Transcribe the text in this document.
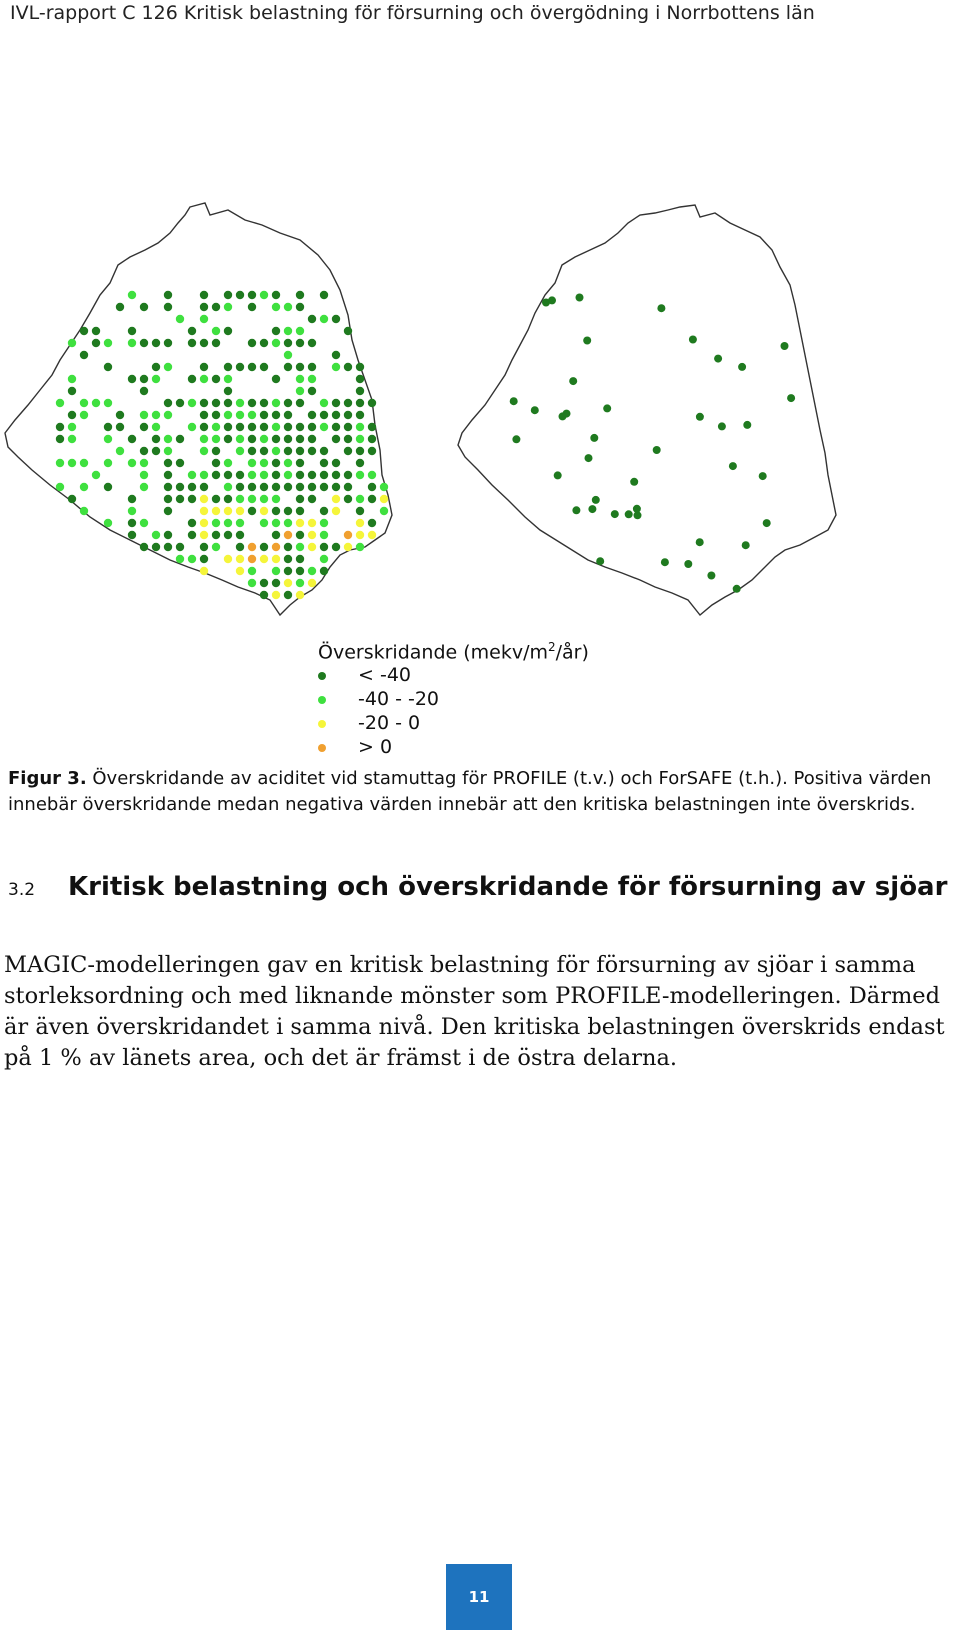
IVL-rapport C 126 Kritisk belastning för försurning och övergödning i Norrbottens län
Överskridande $(mekv/m^2/år)$
< -40
-40 - -20
-20 - 0
> 0
Figur 3. Överskridande av aciditet vid stamuttag för PROFILE (t.v.) och ForSAFE (t.h.). Positiva värden innebär överskridande medan negativa värden innebär att den kritiska belastningen inte överskrids.
3.2 Kritisk belastning och överskridande för försurning av sjöar

MAGIC-modelleringen gav en kritisk belastning för försurning av sjöar i samma storleksordning och med liknande mönster som PROFILE-modelleringen. Därmed är även överskridandet i samma nivå. Den kritiska belastningen överskrids endast på 1 % av länets area, och det är främst i de östra delarna.

11
